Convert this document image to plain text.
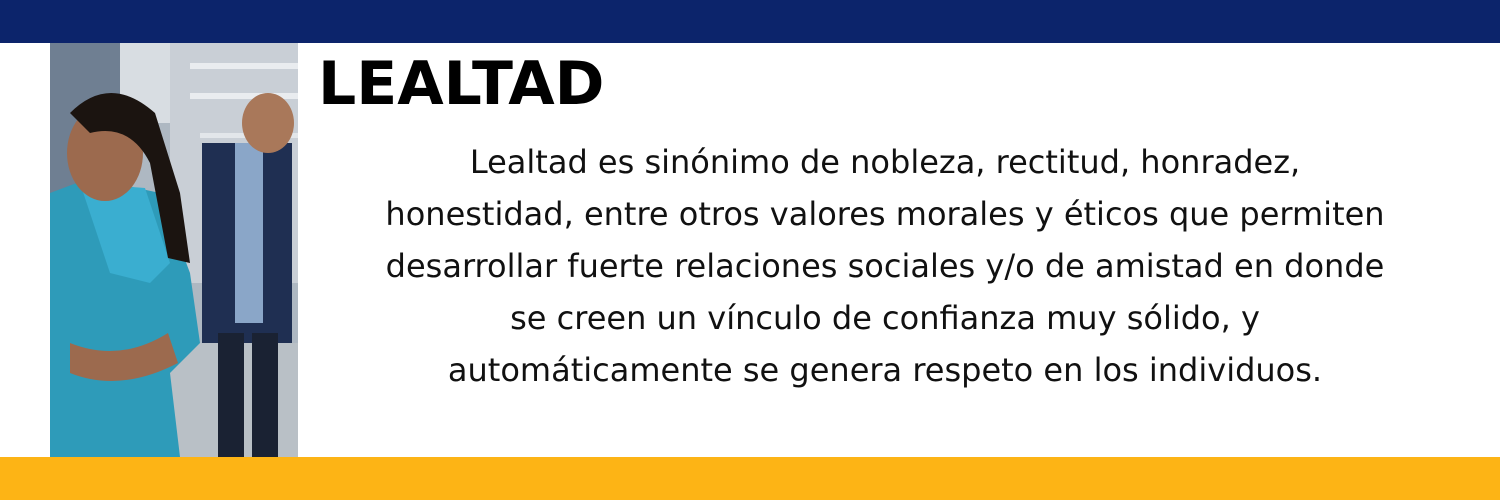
LEALTAD
Lealtad es sinónimo de nobleza, rectitud, honradez, honestidad, entre otros valores morales y éticos que permiten desarrollar fuerte relaciones sociales y/o de amistad en donde se creen un vínculo de confianza muy sólido, y automáticamente se genera respeto en los individuos.
